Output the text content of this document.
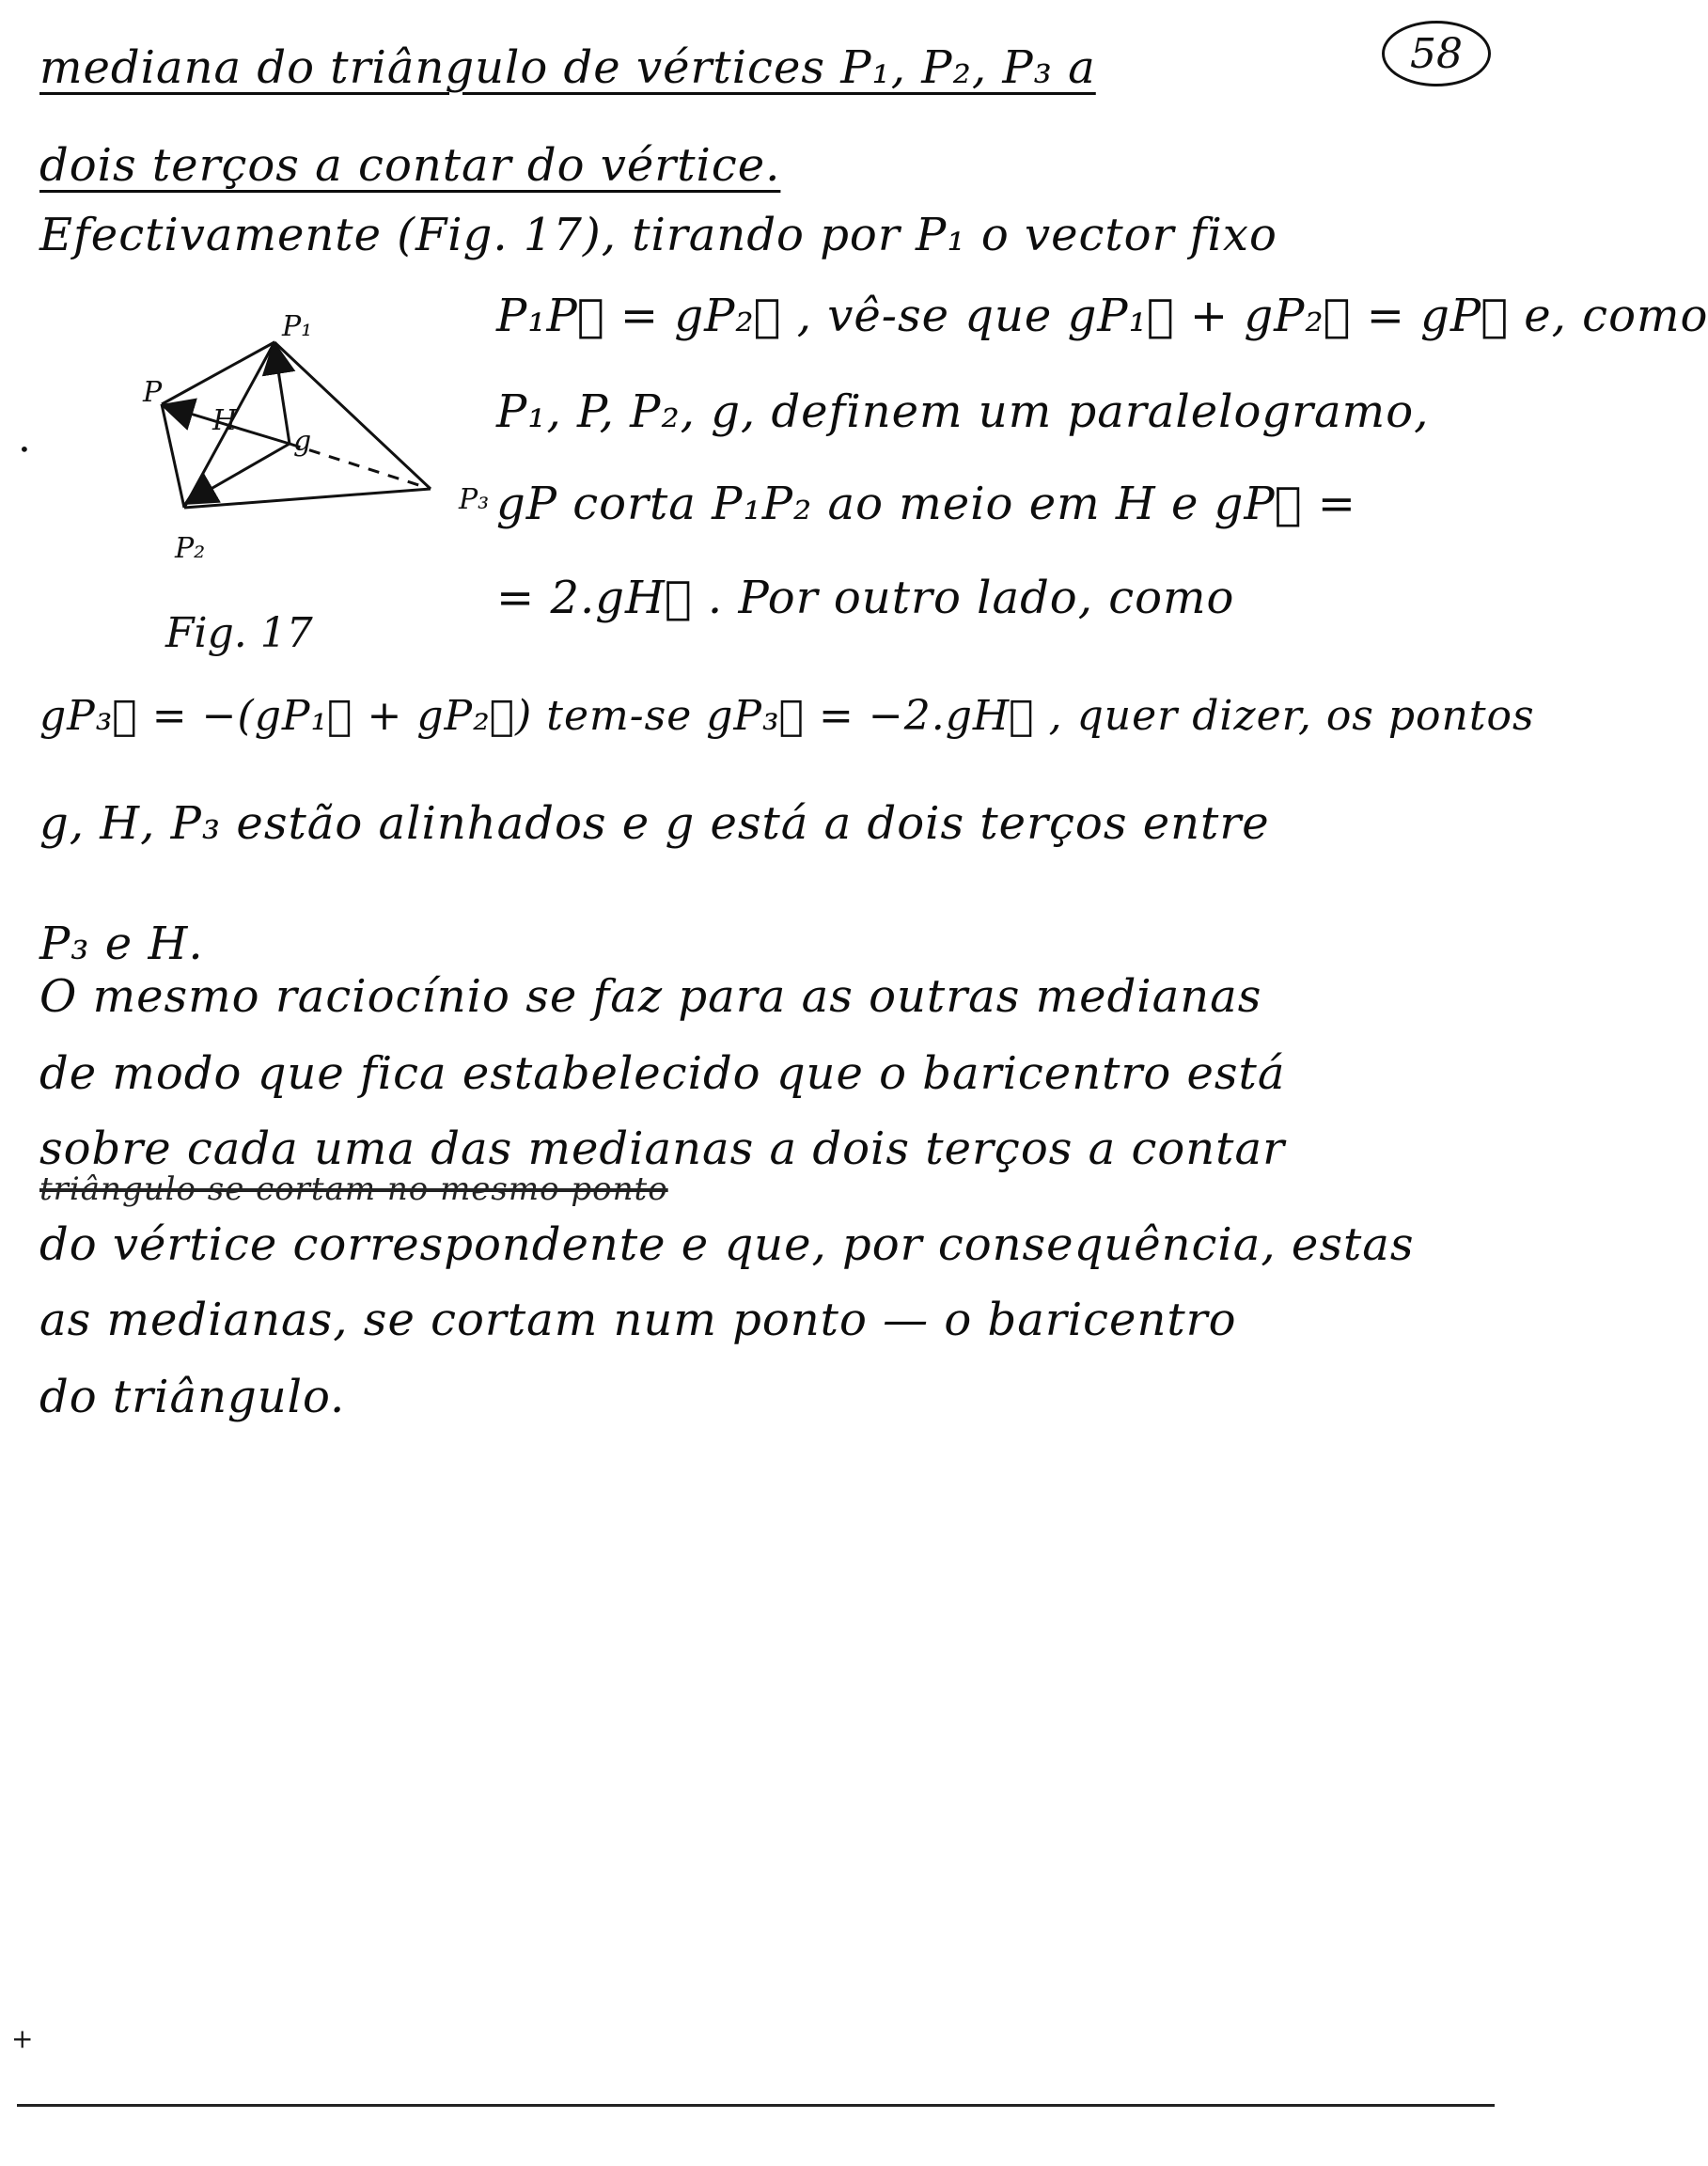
58
mediana do triângulo de vértices P₁, P₂, P₃ a
dois terços a contar do vértice.
Efectivamente (Fig. 17), tirando por P₁ o vector fixo
P
P₁
H
g
P₃
P₂
Fig. 17
P₁P⃗ = gP₂⃗ , vê-se que gP₁⃗ + gP₂⃗ = gP⃗ e, como
P₁, P, P₂, g, definem um paralelogramo,
gP corta P₁P₂ ao meio em H e gP⃗ =
= 2.gH⃗ . Por outro lado, como
gP₃⃗ = −(gP₁⃗ + gP₂⃗) tem-se gP₃⃗ = −2.gH⃗ , quer dizer, os pontos
g, H, P₃ estão alinhados e g está a dois terços entre
P₃ e H.
O mesmo raciocínio se faz para as outras medianas
de modo que fica estabelecido que o baricentro está
sobre cada uma das medianas a dois terços a contar
triângulo se cortam no mesmo ponto
do vértice correspondente e que, por consequência, estas
as medianas, se cortam num ponto — o baricentro
do triângulo.
•
+
